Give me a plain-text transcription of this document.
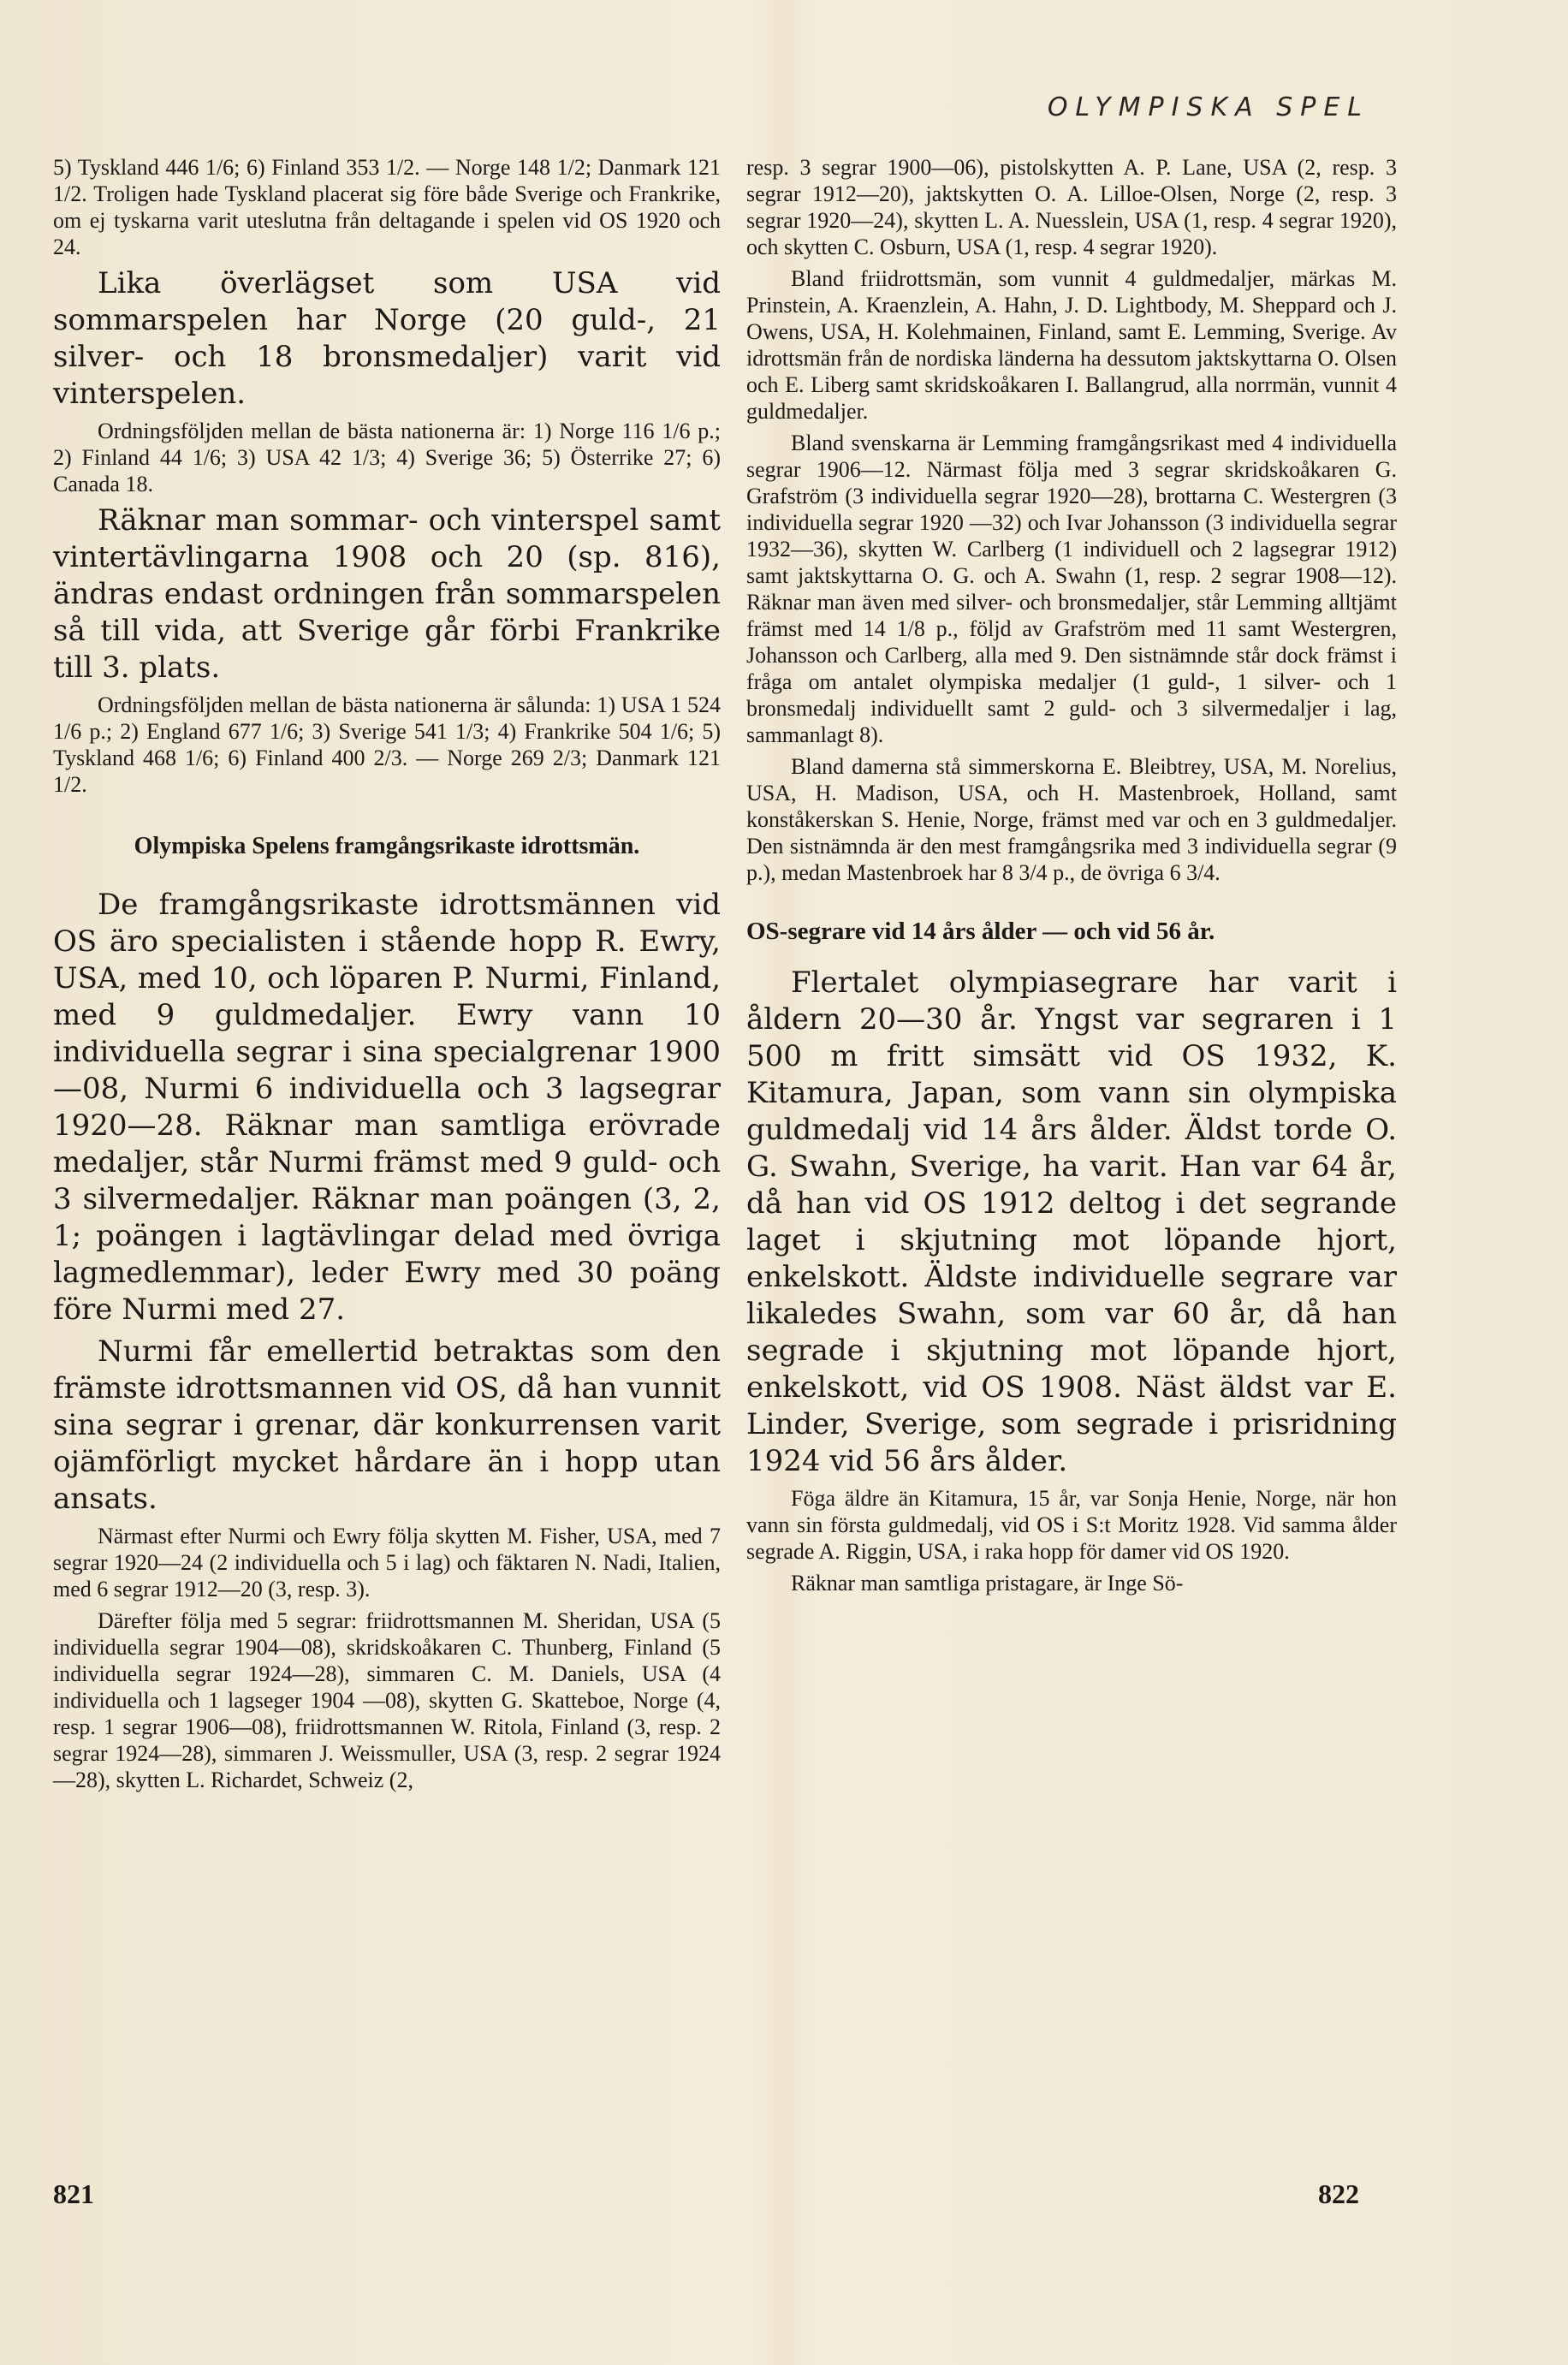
OLYMPISKA SPEL

5) Tyskland 446 1/6; 6) Finland 353 1/2. — Norge 148 1/2; Danmark 121 1/2. Troligen hade Tyskland placerat sig före både Sverige och Frankrike, om ej tyskarna varit uteslutna från deltagande i spelen vid OS 1920 och 24.

Lika överlägset som USA vid sommarspelen har Norge (20 guld-, 21 silver- och 18 bronsmedaljer) varit vid vinterspelen.

Ordningsföljden mellan de bästa nationerna är: 1) Norge 116 1/6 p.; 2) Finland 44 1/6; 3) USA 42 1/3; 4) Sverige 36; 5) Österrike 27; 6) Canada 18.

Räknar man sommar- och vinterspel samt vintertävlingarna 1908 och 20 (sp. 816), ändras endast ordningen från sommarspelen så till vida, att Sverige går förbi Frankrike till 3. plats.

Ordningsföljden mellan de bästa nationerna är sålunda: 1) USA 1 524 1/6 p.; 2) England 677 1/6; 3) Sverige 541 1/3; 4) Frankrike 504 1/6; 5) Tyskland 468 1/6; 6) Finland 400 2/3. — Norge 269 2/3; Danmark 121 1/2.

Olympiska Spelens framgångsrikaste idrottsmän.

De framgångsrikaste idrottsmännen vid OS äro specialisten i stående hopp R. Ewry, USA, med 10, och löparen P. Nurmi, Finland, med 9 guldmedaljer. Ewry vann 10 individuella segrar i sina specialgrenar 1900—08, Nurmi 6 individuella och 3 lagsegrar 1920—28. Räknar man samtliga erövrade medaljer, står Nurmi främst med 9 guld- och 3 silvermedaljer. Räknar man poängen (3, 2, 1; poängen i lagtävlingar delad med övriga lagmedlemmar), leder Ewry med 30 poäng före Nurmi med 27.

Nurmi får emellertid betraktas som den främste idrottsmannen vid OS, då han vunnit sina segrar i grenar, där konkurrensen varit ojämförligt mycket hårdare än i hopp utan ansats.

Närmast efter Nurmi och Ewry följa skytten M. Fisher, USA, med 7 segrar 1920—24 (2 individuella och 5 i lag) och fäktaren N. Nadi, Italien, med 6 segrar 1912—20 (3, resp. 3).

Därefter följa med 5 segrar: friidrottsmannen M. Sheridan, USA (5 individuella segrar 1904—08), skridskoåkaren C. Thunberg, Finland (5 individuella segrar 1924—28), simmaren C. M. Daniels, USA (4 individuella och 1 lagseger 1904 —08), skytten G. Skatteboe, Norge (4, resp. 1 segrar 1906—08), friidrottsmannen W. Ritola, Finland (3, resp. 2 segrar 1924—28), simmaren J. Weissmuller, USA (3, resp. 2 segrar 1924—28), skytten L. Richardet, Schweiz (2,

resp. 3 segrar 1900—06), pistolskytten A. P. Lane, USA (2, resp. 3 segrar 1912—20), jaktskytten O. A. Lilloe-Olsen, Norge (2, resp. 3 segrar 1920—24), skytten L. A. Nuesslein, USA (1, resp. 4 segrar 1920), och skytten C. Osburn, USA (1, resp. 4 segrar 1920).

Bland friidrottsmän, som vunnit 4 guldmedaljer, märkas M. Prinstein, A. Kraenzlein, A. Hahn, J. D. Lightbody, M. Sheppard och J. Owens, USA, H. Kolehmainen, Finland, samt E. Lemming, Sverige. Av idrottsmän från de nordiska länderna ha dessutom jaktskyttarna O. Olsen och E. Liberg samt skridskoåkaren I. Ballangrud, alla norrmän, vunnit 4 guldmedaljer.

Bland svenskarna är Lemming framgångsrikast med 4 individuella segrar 1906—12. Närmast följa med 3 segrar skridskoåkaren G. Grafström (3 individuella segrar 1920—28), brottarna C. Westergren (3 individuella segrar 1920 —32) och Ivar Johansson (3 individuella segrar 1932—36), skytten W. Carlberg (1 individuell och 2 lagsegrar 1912) samt jaktskyttarna O. G. och A. Swahn (1, resp. 2 segrar 1908—12). Räknar man även med silver- och bronsmedaljer, står Lemming alltjämt främst med 14 1/8 p., följd av Grafström med 11 samt Westergren, Johansson och Carlberg, alla med 9. Den sistnämnde står dock främst i fråga om antalet olympiska medaljer (1 guld-, 1 silver- och 1 bronsmedalj individuellt samt 2 guld- och 3 silvermedaljer i lag, sammanlagt 8).

Bland damerna stå simmerskorna E. Bleibtrey, USA, M. Norelius, USA, H. Madison, USA, och H. Mastenbroek, Holland, samt konståkerskan S. Henie, Norge, främst med var och en 3 guldmedaljer. Den sistnämnda är den mest framgångsrika med 3 individuella segrar (9 p.), medan Mastenbroek har 8 3/4 p., de övriga 6 3/4.

OS-segrare vid 14 års ålder — och vid 56 år.

Flertalet olympiasegrare har varit i åldern 20—30 år. Yngst var segraren i 1 500 m fritt simsätt vid OS 1932, K. Kitamura, Japan, som vann sin olympiska guldmedalj vid 14 års ålder. Äldst torde O. G. Swahn, Sverige, ha varit. Han var 64 år, då han vid OS 1912 deltog i det segrande laget i skjutning mot löpande hjort, enkelskott. Äldste individuelle segrare var likaledes Swahn, som var 60 år, då han segrade i skjutning mot löpande hjort, enkelskott, vid OS 1908. Näst äldst var E. Linder, Sverige, som segrade i prisridning 1924 vid 56 års ålder.

Föga äldre än Kitamura, 15 år, var Sonja Henie, Norge, när hon vann sin första guldmedalj, vid OS i S:t Moritz 1928. Vid samma ålder segrade A. Riggin, USA, i raka hopp för damer vid OS 1920.

Räknar man samtliga pristagare, är Inge Sö-

821	822
